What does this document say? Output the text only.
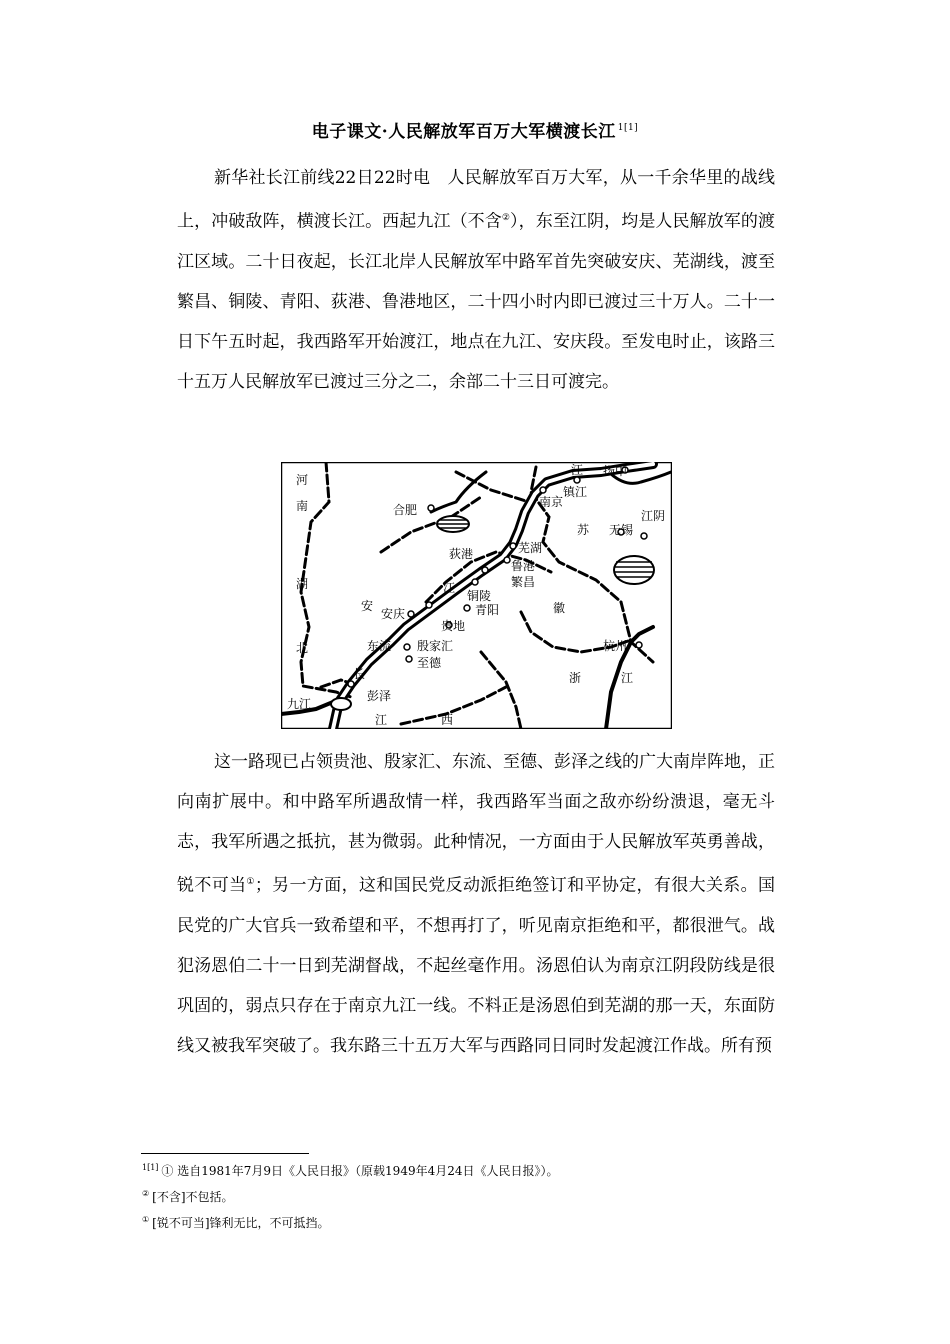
电子课文·人民解放军百万大军横渡长江 $^{1[1]}$

新华社长江前线22日22时电　人民解放军百万大军，从一千余华里的战线上，冲破敌阵，横渡长江。西起九江（不含②），东至江阴，均是人民解放军的渡江区域。二十日夜起，长江北岸人民解放军中路军首先突破安庆、芜湖线，渡至繁昌、铜陵、青阳、荻港、鲁港地区，二十四小时内即已渡过三十万人。二十一日下午五时起，我西路军开始渡江，地点在九江、安庆段。至发电时止，该路三十五万人民解放军已渡过三分之二，余部二十三日可渡完。

河
南
湖
北
合肥
江 扬中
镇江
南京
苏 无锡
江阴
荻港	芜湖
鲁港
繁昌
江
铜陵
青阳
安
安庆	徽
贵地
东流 殷家汇
至德
杭州
长
彭泽
浙	江
九江
江	西

这一路现已占领贵池、殷家汇、东流、至德、彭泽之线的广大南岸阵地，正向南扩展中。和中路军所遇敌情一样，我西路军当面之敌亦纷纷溃退，毫无斗志，我军所遇之抵抗，甚为微弱。此种情况，一方面由于人民解放军英勇善战，锐不可当①；另一方面，这和国民党反动派拒绝签订和平协定，有很大关系。国民党的广大官兵一致希望和平，不想再打了，听见南京拒绝和平，都很泄气。战犯汤恩伯二十一日到芜湖督战，不起丝毫作用。汤恩伯认为南京江阴段防线是很巩固的，弱点只存在于南京九江一线。不料正是汤恩伯到芜湖的那一天，东面防线又被我军突破了。我东路三十五万大军与西路同日同时发起渡江作战。所有预

$^{1[1]}$ ① 选自1981年7月9日《人民日报》（原载1949年4月24日《人民日报》）。
② [不含]不包括。
① [锐不可当]锋利无比，不可抵挡。
